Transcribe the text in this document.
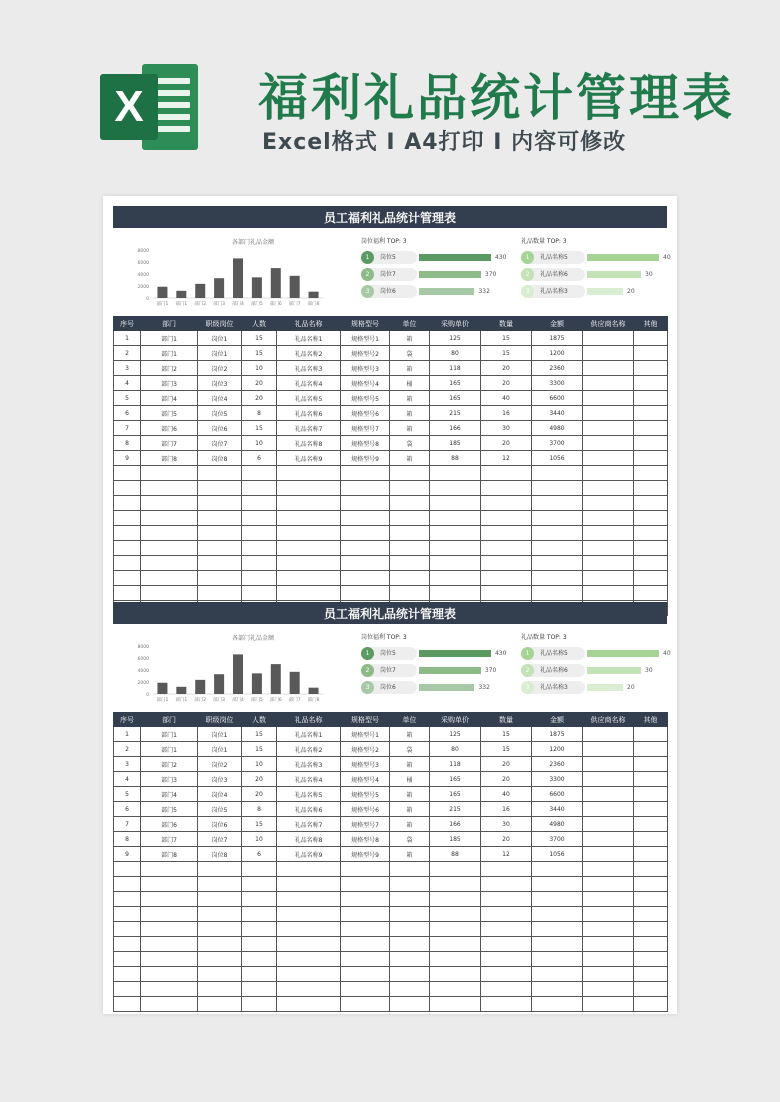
X 福利礼品统计管理表
Excel格式 I A4打印 I 内容可修改
员工福利礼品统计管理表
各部门礼品金额
0
2000
4000
6000
8000
部门1 部门1 部门2 部门3 部门4 部门5 部门6 部门7 部门8
岗位福利 TOP: 3
1	岗位5	430
2	岗位7	370
3	岗位6	332
礼品数量 TOP: 3
1	礼品名称5	40
2	礼品名称6	30
3	礼品名称3	20
序号	部门	职级岗位	人数	礼品名称	规格型号	单位	采购单价	数量	金额	供应商名称	其他
1	部门1	岗位1	15	礼品名称1	规格型号1	箱	125	15	1875		
2	部门1	岗位1	15	礼品名称2	规格型号2	袋	80	15	1200		
3	部门2	岗位2	10	礼品名称3	规格型号3	箱	118	20	2360		
4	部门3	岗位3	20	礼品名称4	规格型号4	桶	165	20	3300		
5	部门4	岗位4	20	礼品名称5	规格型号5	箱	165	40	6600		
6	部门5	岗位5	8	礼品名称6	规格型号6	箱	215	16	3440		
7	部门6	岗位6	15	礼品名称7	规格型号7	箱	166	30	4980		
8	部门7	岗位7	10	礼品名称8	规格型号8	袋	185	20	3700		
9	部门8	岗位8	6	礼品名称9	规格型号9	箱	88	12	1056		

员工福利礼品统计管理表
各部门礼品金额
0
2000
4000
6000
8000
部门1 部门1 部门2 部门3 部门4 部门5 部门6 部门7 部门8
岗位福利 TOP: 3
1	岗位5	430
2	岗位7	370
3	岗位6	332
礼品数量 TOP: 3
1	礼品名称5	40
2	礼品名称6	30
3	礼品名称3	20
序号	部门	职级岗位	人数	礼品名称	规格型号	单位	采购单价	数量	金额	供应商名称	其他
1	部门1	岗位1	15	礼品名称1	规格型号1	箱	125	15	1875		
2	部门1	岗位1	15	礼品名称2	规格型号2	袋	80	15	1200		
3	部门2	岗位2	10	礼品名称3	规格型号3	箱	118	20	2360		
4	部门3	岗位3	20	礼品名称4	规格型号4	桶	165	20	3300		
5	部门4	岗位4	20	礼品名称5	规格型号5	箱	165	40	6600		
6	部门5	岗位5	8	礼品名称6	规格型号6	箱	215	16	3440		
7	部门6	岗位6	15	礼品名称7	规格型号7	箱	166	30	4980		
8	部门7	岗位7	10	礼品名称8	规格型号8	袋	185	20	3700		
9	部门8	岗位8	6	礼品名称9	规格型号9	箱	88	12	1056		
